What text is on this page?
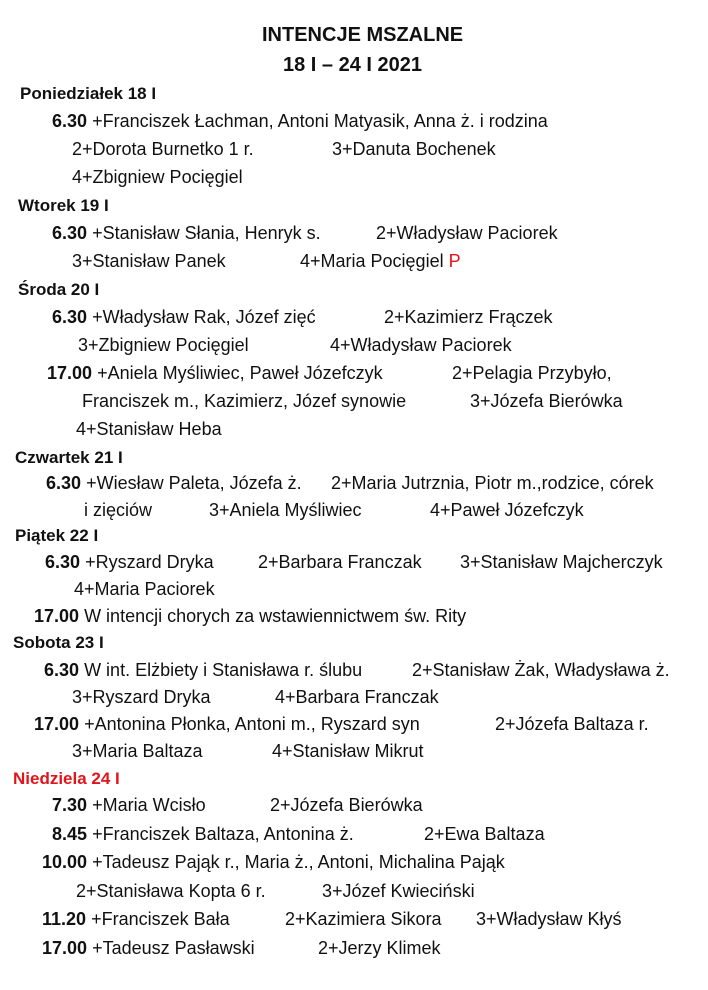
INTENCJE MSZALNE
18 I – 24 I 2021
Poniedziałek 18 I
6.30 +Franciszek Łachman, Antoni Matyasik, Anna ż. i rodzina
2+Dorota Burnetko 1 r.	3+Danuta Bochenek
4+Zbigniew Pocięgiel
Wtorek 19 I
6.30 +Stanisław Słania, Henryk s.	2+Władysław Paciorek
3+Stanisław Panek	4+Maria Pocięgiel P
Środa 20 I
6.30 +Władysław Rak, Józef zięć	2+Kazimierz Frączek
3+Zbigniew Pocięgiel	4+Władysław Paciorek
17.00 +Aniela Myśliwiec, Paweł Józefczyk	2+Pelagia Przybyło,
Franciszek m., Kazimierz, Józef synowie	3+Józefa Bierówka
4+Stanisław Heba
Czwartek 21 I
6.30 +Wiesław Paleta, Józefa ż. 2+Maria Jutrznia, Piotr m.,rodzice, córek
i zięciów	3+Aniela Myśliwiec	4+Paweł Józefczyk
Piątek 22 I
6.30 +Ryszard Dryka 2+Barbara Franczak 3+Stanisław Majcherczyk
4+Maria Paciorek
17.00 W intencji chorych za wstawiennictwem św. Rity
Sobota 23 I
6.30 W int. Elżbiety i Stanisława r. ślubu	2+Stanisław Żak, Władysława ż.
3+Ryszard Dryka	4+Barbara Franczak
17.00 +Antonina Płonka, Antoni m., Ryszard syn	2+Józefa Baltaza r.
3+Maria Baltaza	4+Stanisław Mikrut
Niedziela 24 I
7.30 +Maria Wcisło	2+Józefa Bierówka
8.45 +Franciszek Baltaza, Antonina ż.	2+Ewa Baltaza
10.00 +Tadeusz Pająk r., Maria ż., Antoni, Michalina Pająk
2+Stanisława Kopta 6 r.	3+Józef Kwieciński
11.20 +Franciszek Bała	2+Kazimiera Sikora 3+Władysław Kłyś
17.00 +Tadeusz Pasławski	2+Jerzy Klimek
